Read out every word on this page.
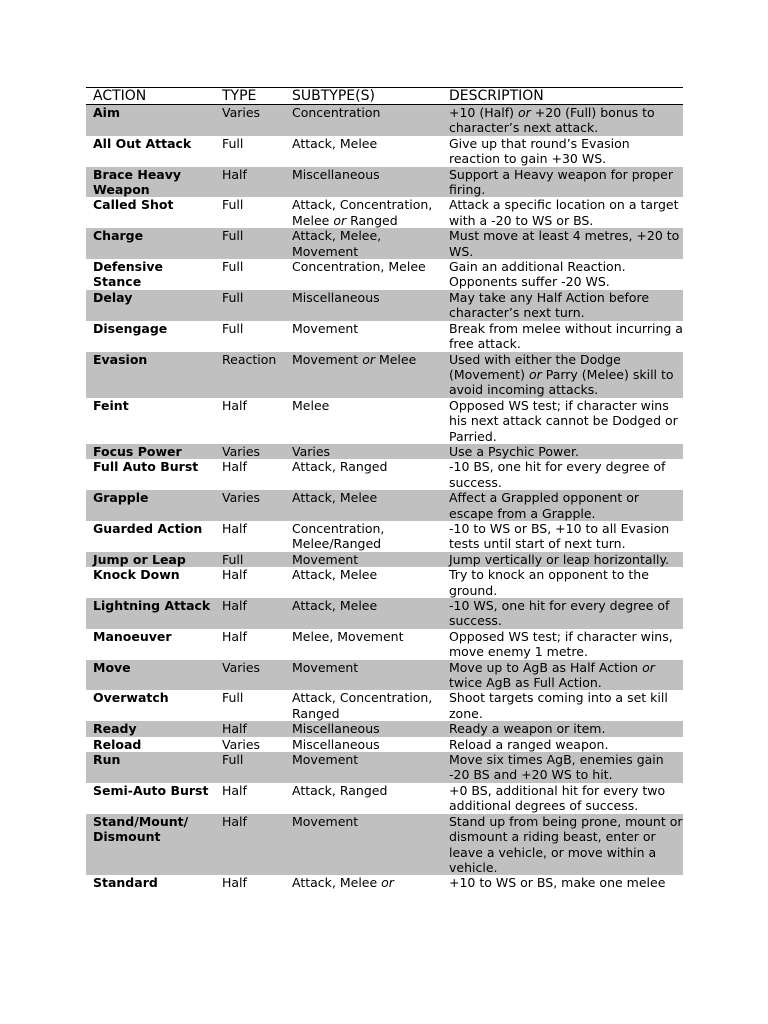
ACTION	TYPE	SUBTYPE(S)	DESCRIPTION
Aim	Varies	Concentration	+10 (Half) or +20 (Full) bonus to character’s next attack.
All Out Attack	Full	Attack, Melee	Give up that round’s Evasion reaction to gain +30 WS.
Brace Heavy Weapon	Half	Miscellaneous	Support a Heavy weapon for proper firing.
Called Shot	Full	Attack, Concentration, Melee or Ranged	Attack a specific location on a target with a -20 to WS or BS.
Charge	Full	Attack, Melee, Movement	Must move at least 4 metres, +20 to WS.
Defensive Stance	Full	Concentration, Melee	Gain an additional Reaction. Opponents suffer -20 WS.
Delay	Full	Miscellaneous	May take any Half Action before character’s next turn.
Disengage	Full	Movement	Break from melee without incurring a free attack.
Evasion	Reaction	Movement or Melee	Used with either the Dodge (Movement) or Parry (Melee) skill to avoid incoming attacks.
Feint	Half	Melee	Opposed WS test; if character wins his next attack cannot be Dodged or Parried.
Focus Power	Varies	Varies	Use a Psychic Power.
Full Auto Burst	Half	Attack, Ranged	-10 BS, one hit for every degree of success.
Grapple	Varies	Attack, Melee	Affect a Grappled opponent or escape from a Grapple.
Guarded Action	Half	Concentration, Melee/Ranged	-10 to WS or BS, +10 to all Evasion tests until start of next turn.
Jump or Leap	Full	Movement	Jump vertically or leap horizontally.
Knock Down	Half	Attack, Melee	Try to knock an opponent to the ground.
Lightning Attack	Half	Attack, Melee	-10 WS, one hit for every degree of success.
Manoeuver	Half	Melee, Movement	Opposed WS test; if character wins, move enemy 1 metre.
Move	Varies	Movement	Move up to AgB as Half Action or twice AgB as Full Action.
Overwatch	Full	Attack, Concentration, Ranged	Shoot targets coming into a set kill zone.
Ready	Half	Miscellaneous	Ready a weapon or item.
Reload	Varies	Miscellaneous	Reload a ranged weapon.
Run	Full	Movement	Move six times AgB, enemies gain -20 BS and +20 WS to hit.
Semi-Auto Burst	Half	Attack, Ranged	+0 BS, additional hit for every two additional degrees of success.
Stand/Mount/ Dismount	Half	Movement	Stand up from being prone, mount or dismount a riding beast, enter or leave a vehicle, or move within a vehicle.
Standard	Half	Attack, Melee or	+10 to WS or BS, make one melee
